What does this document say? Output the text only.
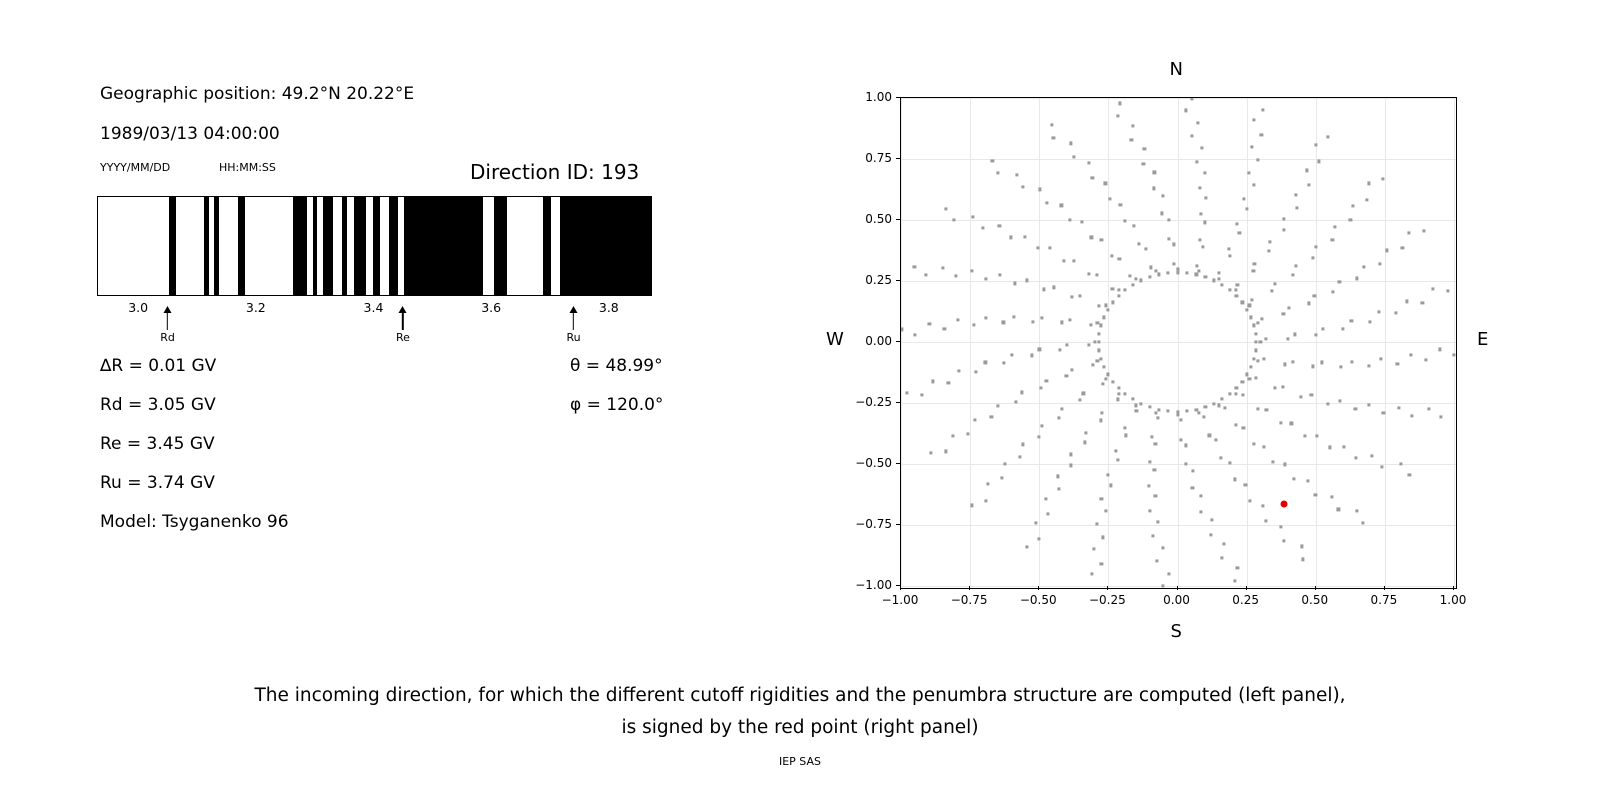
Geographic position: 49.2°N 20.22°E
1989/03/13 04:00:00
YYYY/MM/DD	HH:MM:SS	Direction ID: 193
3.0	3.2	3.4	3.6	3.8
Rd	Re	Ru
∆R = 0.01 GV
Rd = 3.05 GV
Re = 3.45 GV
Ru = 3.74 GV
Model: Tsyganenko 96
θ = 48.99°
φ = 120.0°
N
S
W	E
−1.00	−0.75	−0.50	−0.25	0.00	0.25	0.50	0.75	1.00
−1.00
−0.75
−0.50
−0.25
0.00
0.25
0.50
0.75
1.00
The incoming direction, for which the different cutoff rigidities and the penumbra structure are computed (left panel),
is signed by the red point (right panel)
IEP SAS
